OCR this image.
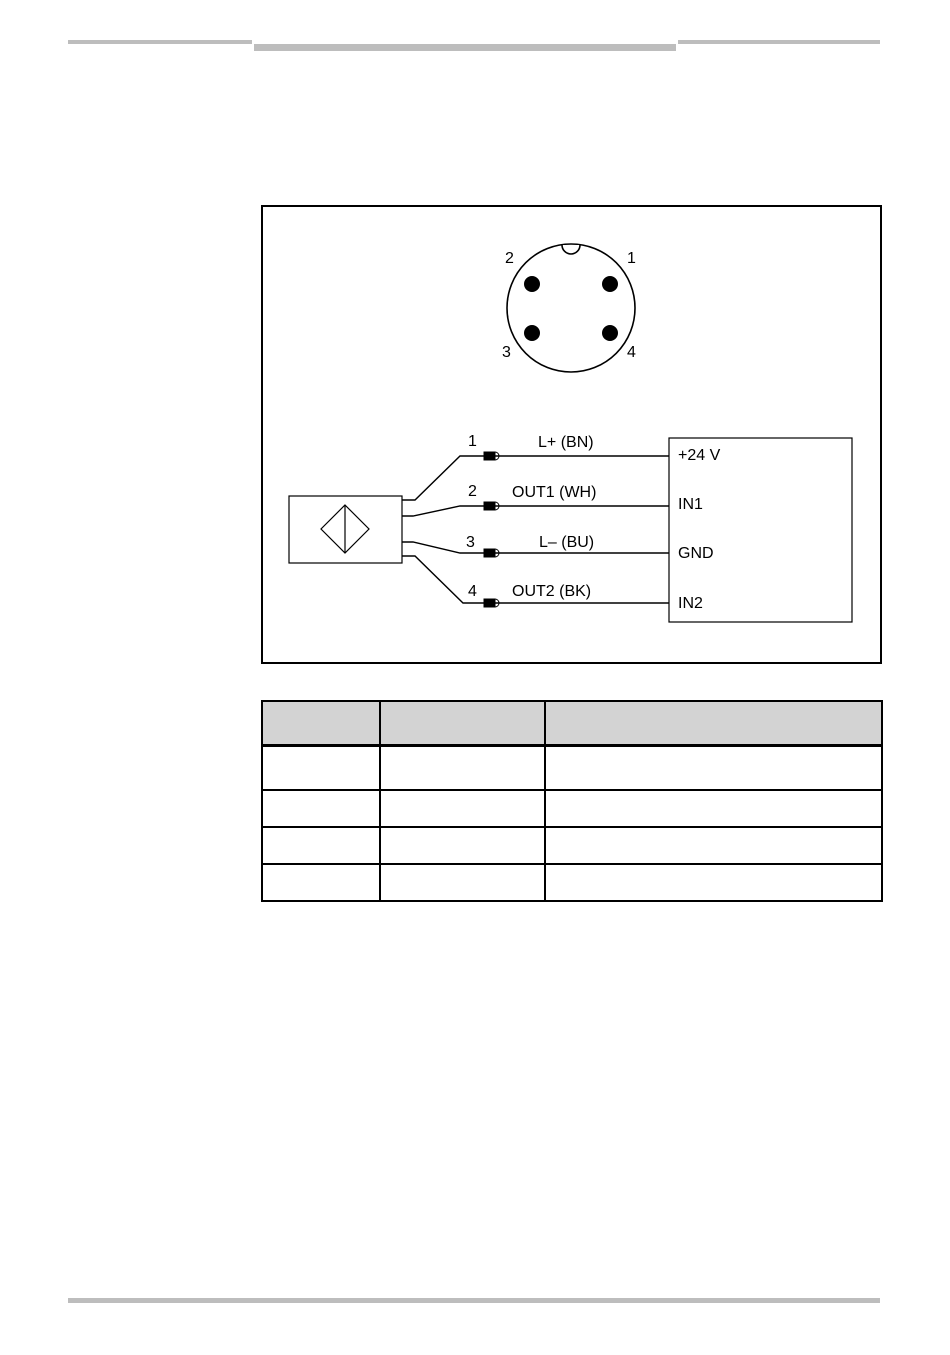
2	1
3	4
1
2
3
4
L+ (BN)
OUT1 (WH)
L– (BU)
OUT2 (BK)
+24 V
IN1
GND
IN2
